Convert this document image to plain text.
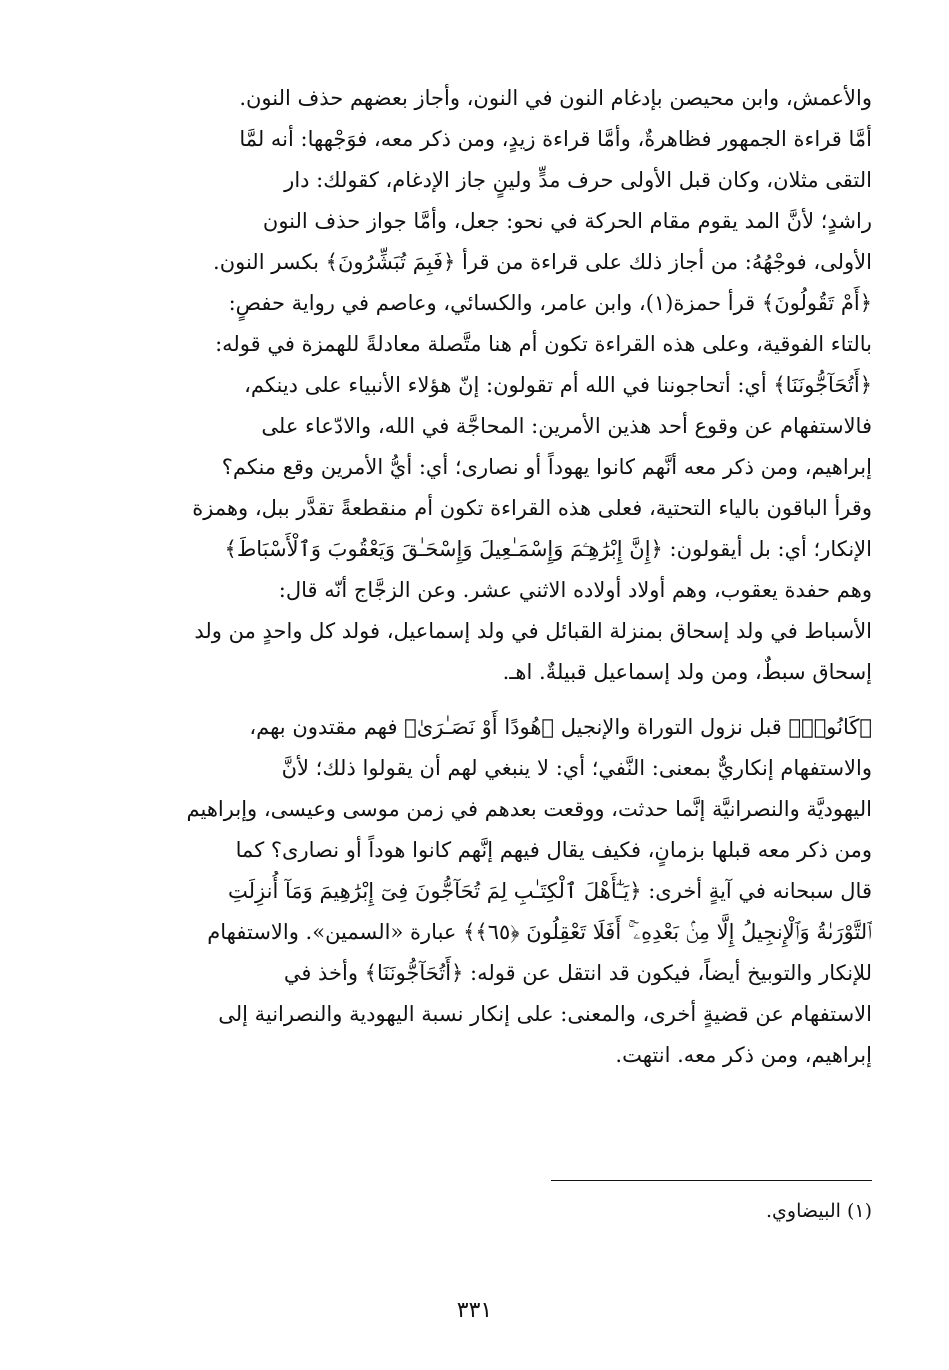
والأعمش، وابن محيصن بإدغام النون في النون، وأجاز بعضهم حذف النون.

أمَّا قراءة الجمهور فظاهرةٌ، وأمَّا قراءة زيدٍ، ومن ذكر معه، فوَجْهها: أنه لمَّا

التقى مثلان، وكان قبل الأولى حرف مدٍّ ولينٍ جاز الإدغام، كقولك: دار

راشدٍ؛ لأنَّ المد يقوم مقام الحركة في نحو: جعل، وأمَّا جواز حذف النون

الأولى، فوجْهُهُ: من أجاز ذلك على قراءة من قرأ ﴿فَبِمَ تُبَشِّرُونَ﴾ بكسر النون.

﴿أَمْ تَقُولُونَ﴾ قرأ حمزة(١)، وابن عامر، والكسائي، وعاصم في رواية حفصٍ:

بالتاء الفوقية، وعلى هذه القراءة تكون أم هنا متَّصلة معادلةً للهمزة في قوله:

﴿أَتُحَآجُّونَنَا﴾ أي: أتحاجوننا في الله أم تقولون: إنّ هؤلاء الأنبياء على دينكم،

فالاستفهام عن وقوع أحد هذين الأمرين: المحاجَّة في الله، والادّعاء على

إبراهيم، ومن ذكر معه أنَّهم كانوا يهوداً أو نصارى؛ أي: أيُّ الأمرين وقع منكم؟

وقرأ الباقون بالياء التحتية، فعلى هذه القراءة تكون أم منقطعةً تقدَّر ببل، وهمزة

الإنكار؛ أي: بل أيقولون: ﴿إِنَّ إِبْرَٰهِـۧمَ وَإِسْمَـٰعِيلَ وَإِسْحَـٰقَ وَيَعْقُوبَ وَٱلْأَسْبَاطَ﴾

وهم حفدة يعقوب، وهم أولاد أولاده الاثني عشر. وعن الزجَّاج أنّه قال:

الأسباط في ولد إسحاق بمنزلة القبائل في ولد إسماعيل، فولد كل واحدٍ من ولد

إسحاق سبطٌ، ومن ولد إسماعيل قبيلةٌ. اهـ.

﴿كَانُوا۟﴾ قبل نزول التوراة والإنجيل ﴿هُودًا أَوْ نَصَـٰرَىٰ﴾ فهم مقتدون بهم،

والاستفهام إنكاريٌّ بمعنى: النَّفي؛ أي: لا ينبغي لهم أن يقولوا ذلك؛ لأنَّ

اليهوديَّة والنصرانيَّة إنَّما حدثت، ووقعت بعدهم في زمن موسى وعيسى، وإبراهيم

ومن ذكر معه قبلها بزمانٍ، فكيف يقال فيهم إنَّهم كانوا هوداً أو نصارى؟ كما

قال سبحانه في آيةٍ أخرى: ﴿يَـٰٓأَهْلَ ٱلْكِتَـٰبِ لِمَ تُحَآجُّونَ فِىٓ إِبْرَٰهِيمَ وَمَآ أُنزِلَتِ

ٱلتَّوْرَىٰةُ وَٱلْإِنجِيلُ إِلَّا مِنۢ بَعْدِهِۦٓ ۚ أَفَلَا تَعْقِلُونَ ﴿٦٥﴾﴾ عبارة «السمين». والاستفهام

للإنكار والتوبيخ أيضاً، فيكون قد انتقل عن قوله: ﴿أَتُحَآجُّونَنَا﴾ وأخذ في

الاستفهام عن قضيةٍ أخرى، والمعنى: على إنكار نسبة اليهودية والنصرانية إلى

إبراهيم، ومن ذكر معه. انتهت.

(١) البيضاوي.
٣٣١
